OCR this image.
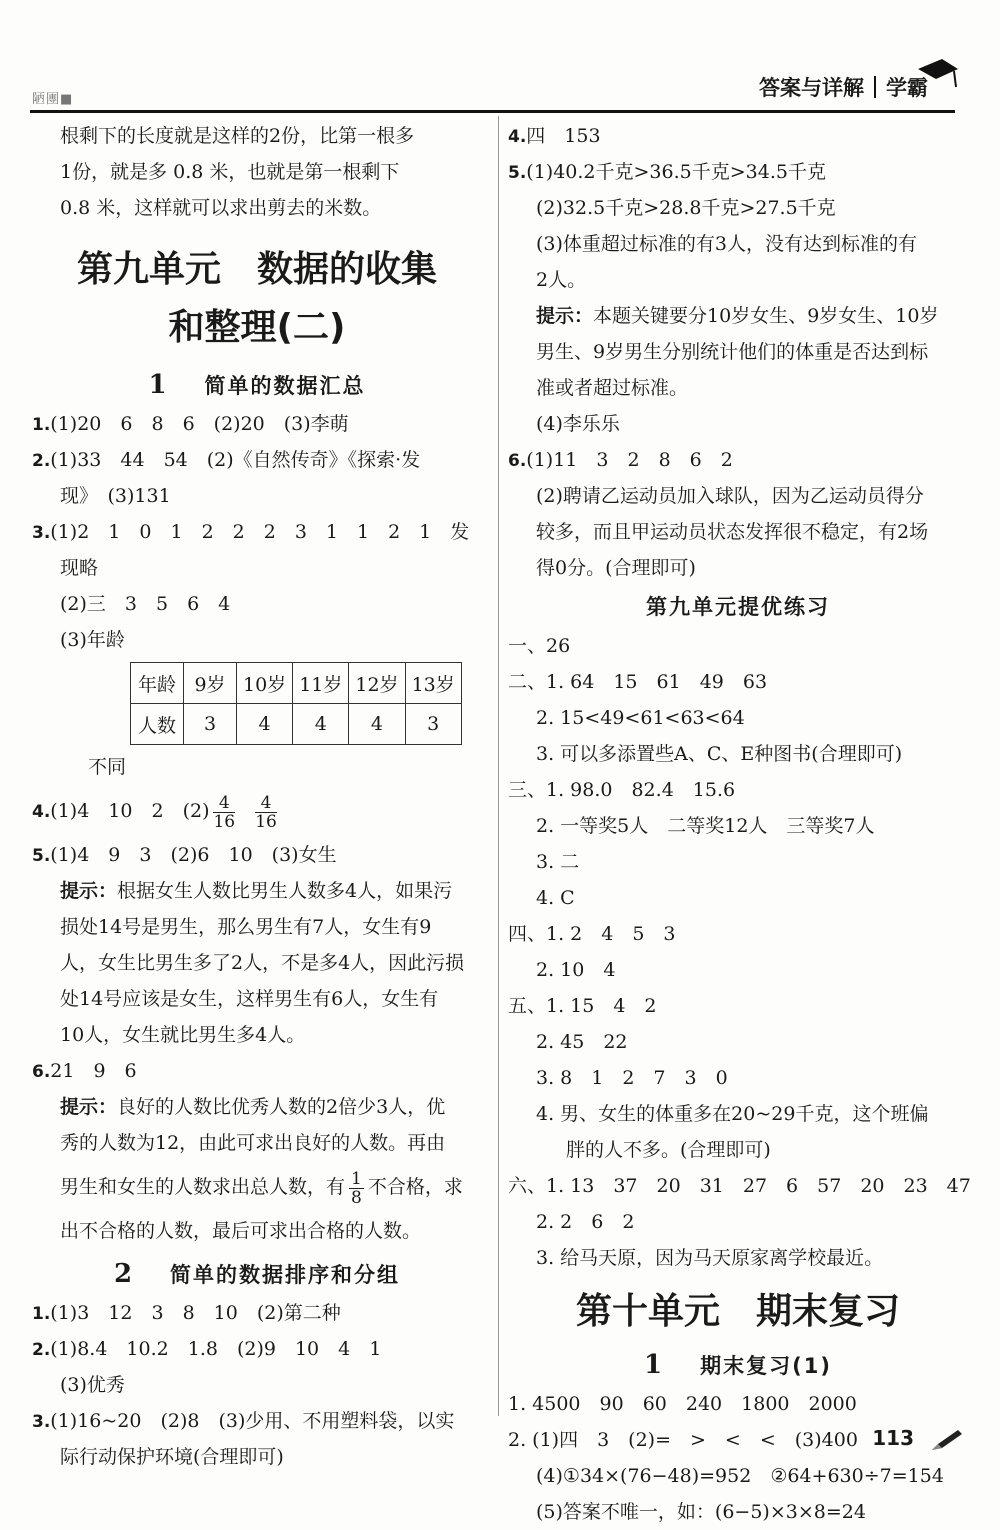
陋團■	答案与详解 学霸
根剩下的长度就是这样的2份，比第一根多
1份，就是多 0.8 米，也就是第一根剩下
0.8 米，这样就可以求出剪去的米数。
第九单元　数据的收集
和整理(二)
1 简单的数据汇总
1.(1)20　6　8　6　(2)20　(3)李萌
2.(1)33　44　54　(2)《自然传奇》《探索·发
现》　(3)131
3.(1)2　1　0　1　2　2　2　3　1　1　2　1　发
现略
(2)三　3　5　6　4
(3)年龄
年龄	9岁	10岁	11岁	12岁	13岁
人数	3	4	4	4	3
不同
4.(1)4　10　2　$(2) \frac{4}{16}$
$\frac{4}{16}$
5.(1)4　9　3　(2)6　10　(3)女生
提示：根据女生人数比男生人数多4人，如果污
损处14号是男生，那么男生有7人，女生有9
人，女生比男生多了2人，不是多4人，因此污损
处14号应该是女生，这样男生有6人，女生有
10人，女生就比男生多4人。
6.21　9　6
提示：良好的人数比优秀人数的2倍少3人，优
秀的人数为12，由此可求出良好的人数。再由
男生和女生的人数求出总人数，有 $\frac{1}{8}$ 不合格，求
出不合格的人数，最后可求出合格的人数。
2 简单的数据排序和分组
1.(1)3　12　3　8　10　(2)第二种
2.(1)8.4　10.2　1.8　(2)9　10　4　1
(3)优秀
3.(1)16~20　(2)8　(3)少用、不用塑料袋，以实
际行动保护环境(合理即可)
4.四　153
5.(1)40.2千克>36.5千克>34.5千克
(2)32.5千克>28.8千克>27.5千克
(3)体重超过标准的有3人，没有达到标准的有
2人。
提示：本题关键要分10岁女生、9岁女生、10岁
男生、9岁男生分别统计他们的体重是否达到标
准或者超过标准。
(4)李乐乐
6.(1)11　3　2　8　6　2
(2)聘请乙运动员加入球队，因为乙运动员得分
较多，而且甲运动员状态发挥很不稳定，有2场
得0分。(合理即可)
第九单元提优练习
一、26
二、1. 64　15　61　49　63
2. 15<49<61<63<64
3. 可以多添置些A、C、E种图书(合理即可)
三、1. 98.0　82.4　15.6
2. 一等奖5人　二等奖12人　三等奖7人
3. 二
4. C
四、1. 2　4　5　3
2. 10　4
五、1. 15　4　2
2. 45　22
3. 8　1　2　7　3　0
4. 男、女生的体重多在20~29千克，这个班偏
胖的人不多。(合理即可)
六、1. 13　37　20　31　27　6　57　20　23　47
2. 2　6　2
3. 给马天原，因为马天原家离学校最近。
第十单元　期末复习
1 期末复习(1)
1. 4500　90　60　240　1800　2000
2. (1)四　3　(2)=　>　<　<　(3)400
(4)①34×(76−48)=952　②64+630÷7=154
(5)答案不唯一，如：(6−5)×3×8=24
113
